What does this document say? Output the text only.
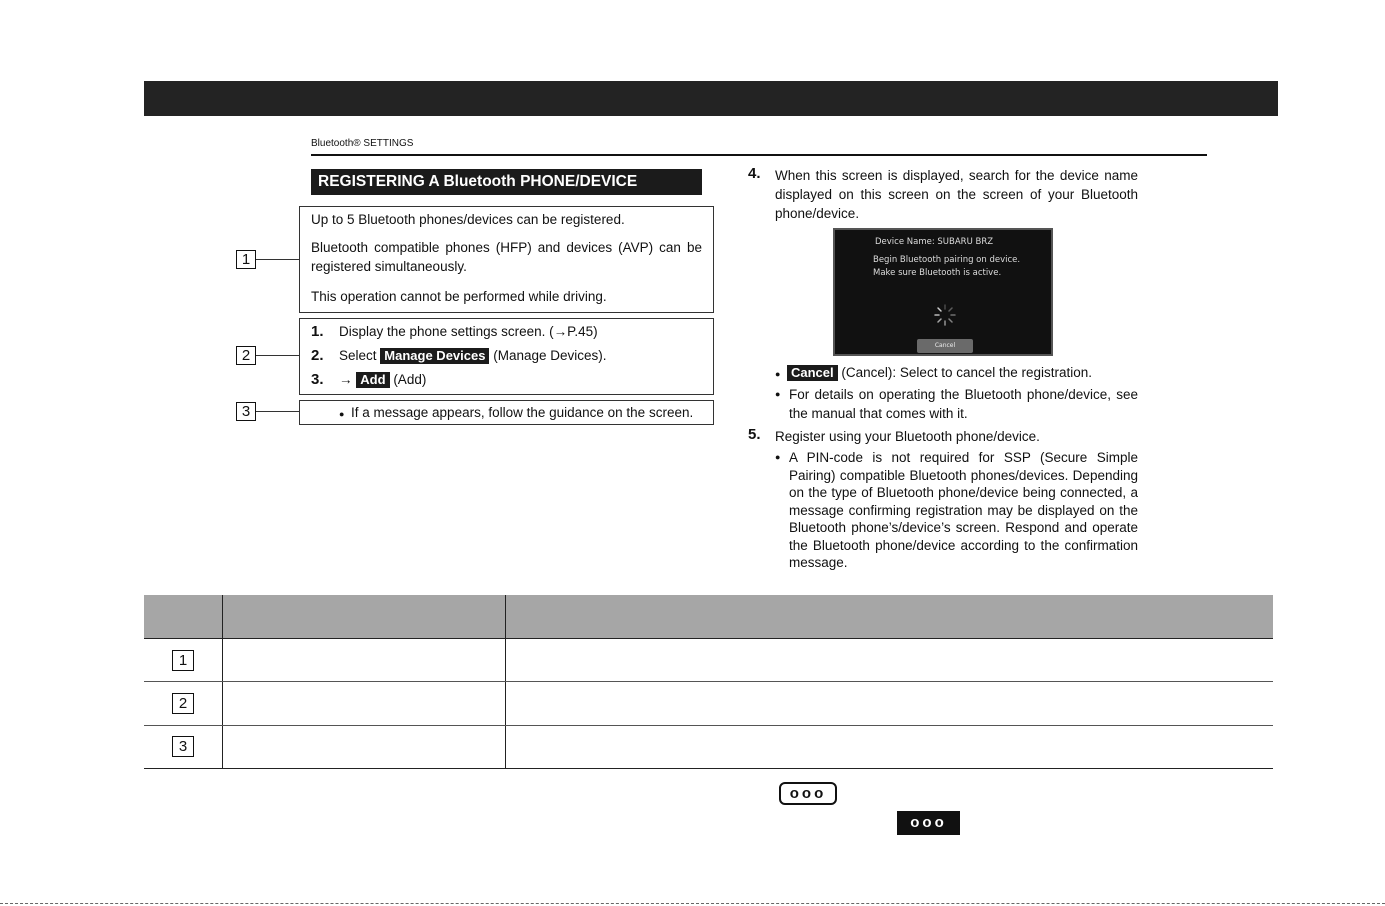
Bluetooth® SETTINGS
REGISTERING A Bluetooth PHONE/DEVICE
1
2
3
Up to 5 Bluetooth phones/devices can be registered.
Bluetooth compatible phones (HFP) and devices (AVP) can be registered simultaneously.
This operation cannot be performed while driving.
1. Display the phone settings screen. (→P.45)
2. Select Manage Devices (Manage Devices).
3. → Add (Add)
● If a message appears, follow the guidance on the screen.
4. When this screen is displayed, search for the device name displayed on this screen on the screen of your Bluetooth phone/device.
Device Name: SUBARU BRZ
Begin Bluetooth pairing on device.
Make sure Bluetooth is active.
Cancel
● Cancel (Cancel): Select to cancel the registration.
● For details on operating the Bluetooth phone/device, see the manual that comes with it.
5. Register using your Bluetooth phone/device.
● A PIN-code is not required for SSP (Secure Simple Pairing) compatible Bluetooth phones/devices. Depending on the type of Bluetooth phone/device being connected, a message confirming registration may be displayed on the Bluetooth phone’s/device’s screen. Respond and operate the Bluetooth phone/device according to the confirmation message.
1
2
3
ooo
ooo
